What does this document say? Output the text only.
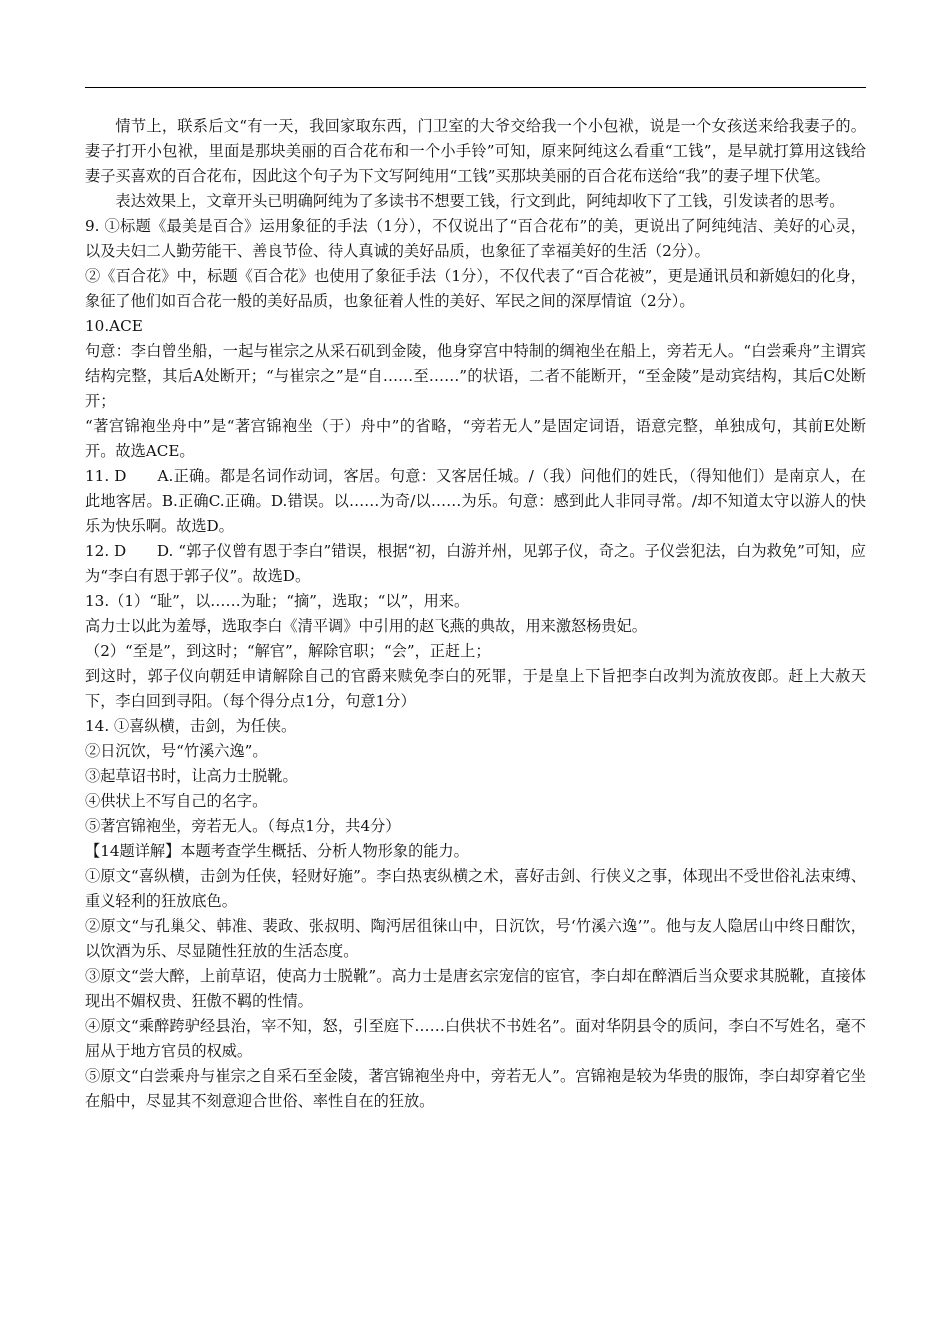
情节上，联系后文“有一天，我回家取东西，门卫室的大爷交给我一个小包袱，说是一个女孩送来给我妻子的。妻子打开小包袱，里面是那块美丽的百合花布和一个小手铃”可知，原来阿纯这么看重“工钱”，是早就打算用这钱给妻子买喜欢的百合花布，因此这个句子为下文写阿纯用“工钱”买那块美丽的百合花布送给“我”的妻子埋下伏笔。

表达效果上，文章开头已明确阿纯为了多读书不想要工钱，行文到此，阿纯却收下了工钱，引发读者的思考。

9. ①标题《最美是百合》运用象征的手法（1分），不仅说出了“百合花布”的美，更说出了阿纯纯洁、美好的心灵，以及夫妇二人勤劳能干、善良节俭、待人真诚的美好品质，也象征了幸福美好的生活（2分）。

②《百合花》中，标题《百合花》也使用了象征手法（1分），不仅代表了“百合花被”，更是通讯员和新媳妇的化身，象征了他们如百合花一般的美好品质，也象征着人性的美好、军民之间的深厚情谊（2分）。

10.ACE

句意：李白曾坐船，一起与崔宗之从采石矶到金陵，他身穿宫中特制的绸袍坐在船上，旁若无人。“白尝乘舟”主谓宾结构完整，其后A处断开；“与崔宗之”是“自……至……”的状语，二者不能断开，“至金陵”是动宾结构，其后C处断开；

“著宫锦袍坐舟中”是“著宫锦袍坐（于）舟中”的省略，“旁若无人”是固定词语，语意完整，单独成句，其前E处断开。故选ACE。

11. D　　A.正确。都是名词作动词，客居。句意：又客居任城。/（我）问他们的姓氏，（得知他们）是南京人，在此地客居。B.正确C.正确。D.错误。以……为奇/以……为乐。句意：感到此人非同寻常。/却不知道太守以游人的快乐为快乐啊。故选D。

12. D　　D. “郭子仪曾有恩于李白”错误，根据“初，白游并州，见郭子仪，奇之。子仪尝犯法，白为救免”可知，应为“李白有恩于郭子仪”。故选D。

13.（1）“耻”，以……为耻；“摘”，选取；“以”，用来。

高力士以此为羞辱，选取李白《清平调》中引用的赵飞燕的典故，用来激怒杨贵妃。

（2）“至是”，到这时；“解官”，解除官职；“会”，正赶上；

到这时，郭子仪向朝廷申请解除自己的官爵来赎免李白的死罪，于是皇上下旨把李白改判为流放夜郎。赶上大赦天下，李白回到寻阳。（每个得分点1分，句意1分）

14. ①喜纵横，击剑，为任侠。

②日沉饮，号“竹溪六逸”。

③起草诏书时，让高力士脱靴。

④供状上不写自己的名字。

⑤著宫锦袍坐，旁若无人。（每点1分，共4分）

【14题详解】本题考查学生概括、分析人物形象的能力。

①原文“喜纵横，击剑为任侠，轻财好施”。李白热衷纵横之术，喜好击剑、行侠义之事，体现出不受世俗礼法束缚、重义轻利的狂放底色。

②原文“与孔巢父、韩准、裴政、张叔明、陶沔居徂徕山中，日沉饮，号‘竹溪六逸’”。他与友人隐居山中终日酣饮，以饮酒为乐、尽显随性狂放的生活态度。

③原文“尝大醉，上前草诏，使高力士脱靴”。高力士是唐玄宗宠信的宦官，李白却在醉酒后当众要求其脱靴，直接体现出不媚权贵、狂傲不羁的性情。

④原文“乘醉跨驴经县治，宰不知，怒，引至庭下……白供状不书姓名”。面对华阴县令的质问，李白不写姓名，毫不屈从于地方官员的权威。

⑤原文“白尝乘舟与崔宗之自采石至金陵，著宫锦袍坐舟中，旁若无人”。宫锦袍是较为华贵的服饰，李白却穿着它坐在船中，尽显其不刻意迎合世俗、率性自在的狂放。
